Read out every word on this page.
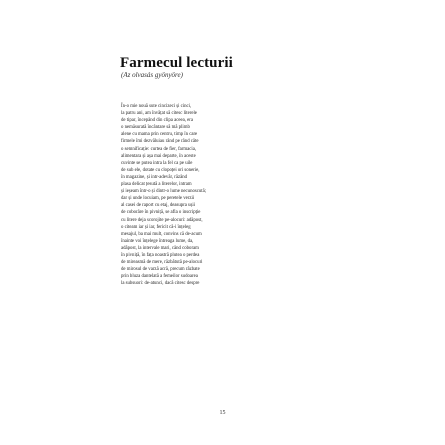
Farmecul lecturii

(Az olvasás gyönyöre)

În-o mie nouă sute cincizeci și cinci,
la patru ani, am învățat să citesc literele
de tipar, începând din clipa aceea, era
o nemăsurată încântare să mă plimb
alene cu mama prin centru, timp în care
firmele îmi dezvăluiau rând pe rând câte
o semnificație: curtea de fier, farmacia,
alimentara și așa mai departe, în aceste
cuvinte se putea intra la fel ca pe uile
de sub ele, dotate cu clopoței ori sonerie,
în magazine, și intr-adevăr, răzând
plasa delicat țesută a literelor, intram
și ieșeam într-o și dintr-o lume necunoscută;
dar și unde locuiam, pe peretele verzii
al casei de raport cu etaj, deasupra ușii
de coborâre în pivniță, se afla o inscripție
cu litere deja scorojite pe-alocuri: adăpost,
o citeam iar și iar, fericit că-i înțeleg
mesajul, ba mai mult, convins că de-acum
înainte voi înțelege întreaga lume, da,
adăpost, la intervale mari, când coboram
în pivniță, în fața noastră pluteа o perdea
de mireasmă de mere, răzbătută pe-alocuri
de mirosul de varză acră, precum răzbate
prin bluza dantelată a femeilor sudoarea
la subsuori: de-atunci, dacă citesc despre
15
